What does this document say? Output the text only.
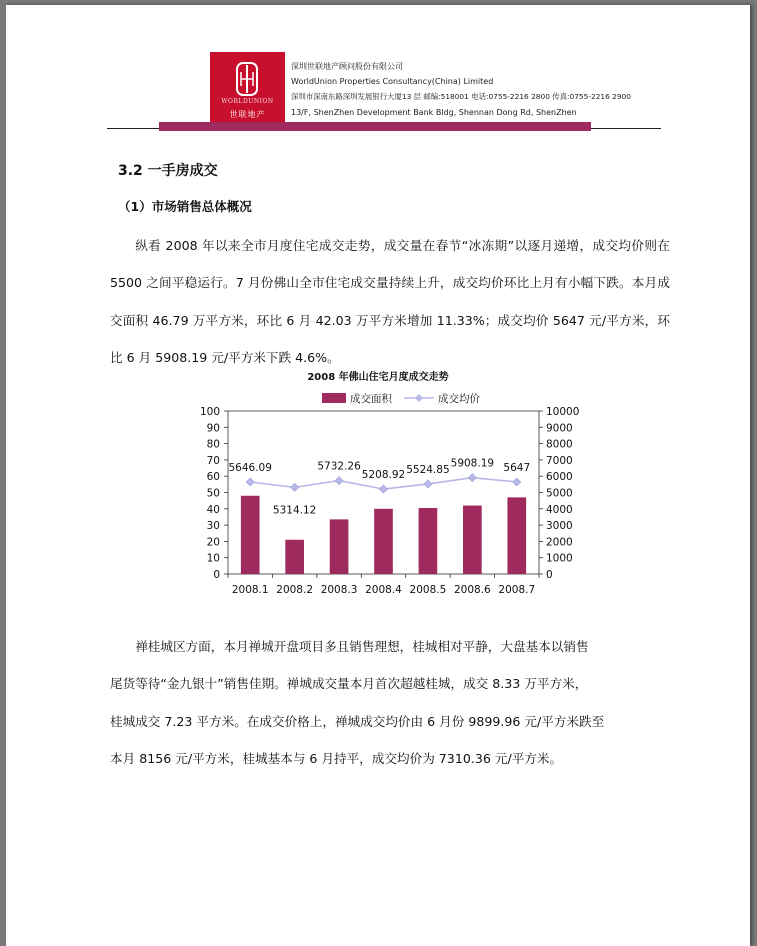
WORLDUNION
世联地产
深圳世联地产顾问股份有限公司
WorldUnion Properties Consultancy(China) Limited
深圳市深南东路深圳发展银行大厦13 层 邮编:518001 电话:0755-2216 2800 传真:0755-2216 2900
13/F, ShenZhen Development Bank Bldg, Shennan Dong Rd, ShenZhen
3.2 一手房成交
（1）市场销售总体概况
纵看 2008 年以来全市月度住宅成交走势，成交量在春节“冰冻期”以逐月递增，成交均价则在 5500 之间平稳运行。7 月份佛山全市住宅成交量持续上升，成交均价环比上月有小幅下跌。本月成交面积 46.79 万平方米，环比 6 月 42.03 万平方米增加 11.33%；成交均价 5647 元/平方米，环比 6 月 5908.19 元/平方米下跌 4.6%。
2008 年佛山住宅月度成交走势
0
10
20
30
40
50
60
70
80
90
100
0
1000
2000
3000
4000
5000
6000
7000
8000
9000
10000
2008.1 2008.2 2008.3 2008.4 2008.5 2008.6 2008.7
5646.09
5314.12
5732.26
5208.92 5524.85
5908.19 5647
成交面积	成交均价
禅桂城区方面，本月禅城开盘项目多且销售理想，桂城相对平静，大盘基本以销售
尾货等待“金九银十”销售佳期。禅城成交量本月首次超越桂城，成交 8.33 万平方米，
桂城成交 7.23 平方米。在成交价格上，禅城成交均价由 6 月份 9899.96 元/平方米跌至
本月 8156 元/平方米，桂城基本与 6 月持平，成交均价为 7310.36 元/平方米。
